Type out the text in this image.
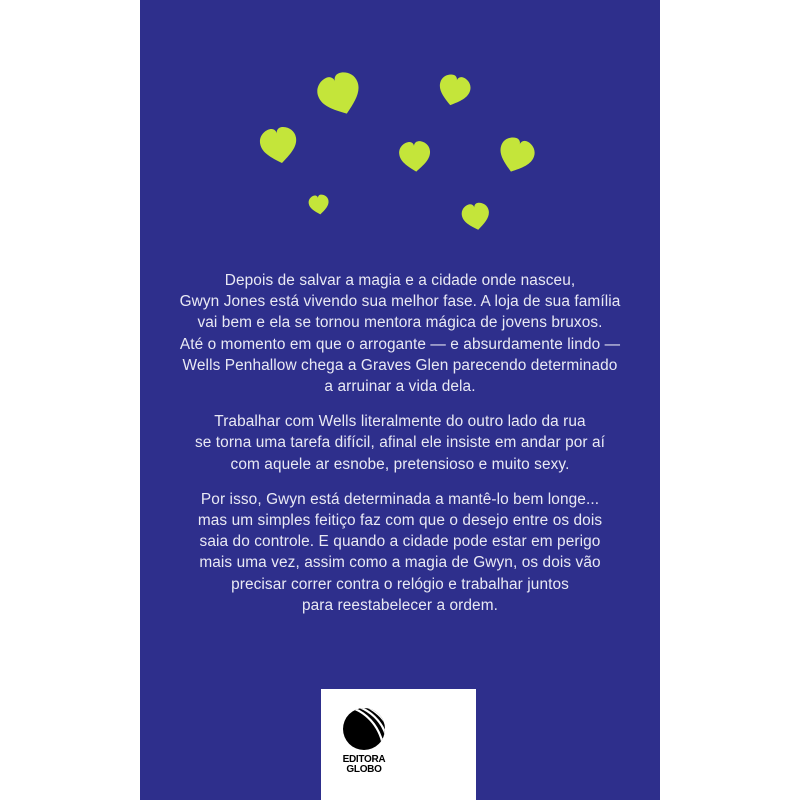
Depois de salvar a magia e a cidade onde nasceu,
Gwyn Jones está vivendo sua melhor fase. A loja de sua família
vai bem e ela se tornou mentora mágica de jovens bruxos.
Até o momento em que o arrogante — e absurdamente lindo —
Wells Penhallow chega a Graves Glen parecendo determinado
a arruinar a vida dela.
Trabalhar com Wells literalmente do outro lado da rua
se torna uma tarefa difícil, afinal ele insiste em andar por aí
com aquele ar esnobe, pretensioso e muito sexy.
Por isso, Gwyn está determinada a mantê-lo bem longe...
mas um simples feitiço faz com que o desejo entre os dois
saia do controle. E quando a cidade pode estar em perigo
mais uma vez, assim como a magia de Gwyn, os dois vão
precisar correr contra o relógio e trabalhar juntos
para reestabelecer a ordem.
EDITORA
GLOBO
